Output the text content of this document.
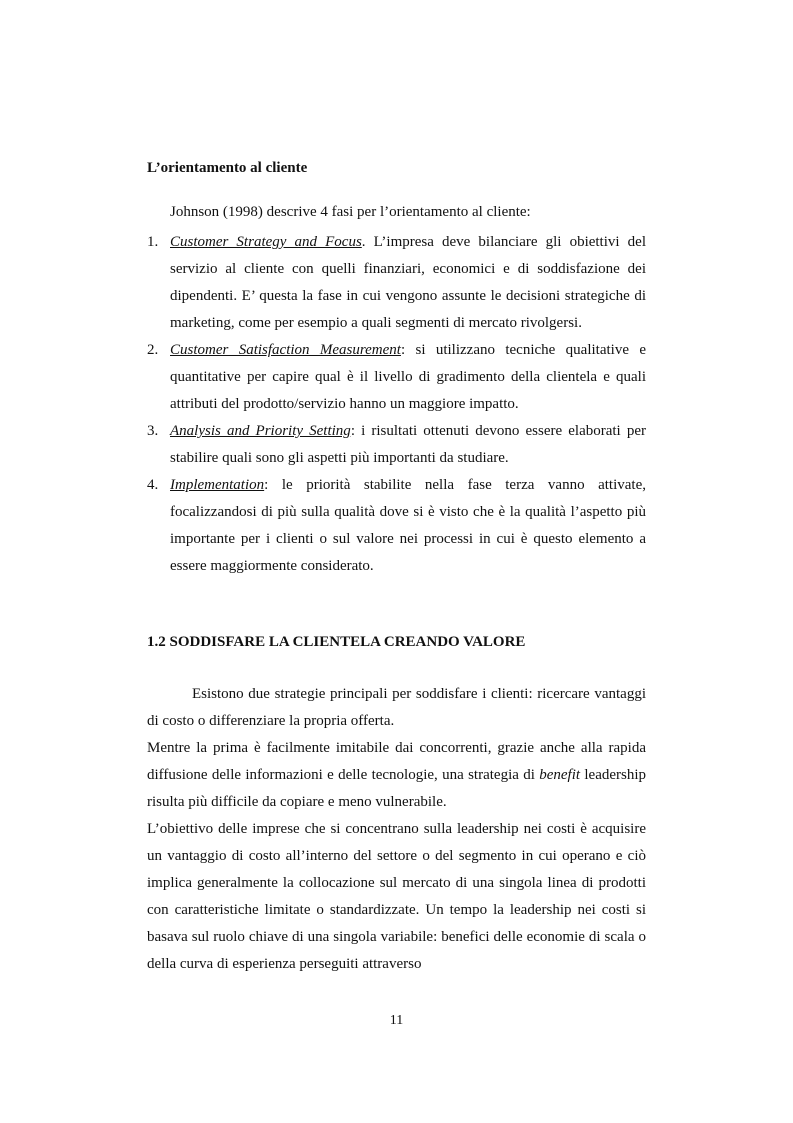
L’orientamento al cliente
Johnson (1998) descrive 4 fasi per l’orientamento al cliente:
1. Customer Strategy and Focus. L’impresa deve bilanciare gli obiettivi del servizio al cliente con quelli finanziari, economici e di soddisfazione dei dipendenti. E’ questa la fase in cui vengono assunte le decisioni strategiche di marketing, come per esempio a quali segmenti di mercato rivolgersi.
2. Customer Satisfaction Measurement: si utilizzano tecniche qualitative e quantitative per capire qual è il livello di gradimento della clientela e quali attributi del prodotto/servizio hanno un maggiore impatto.
3. Analysis and Priority Setting: i risultati ottenuti devono essere elaborati per stabilire quali sono gli aspetti più importanti da studiare.
4. Implementation: le priorità stabilite nella fase terza vanno attivate, focalizzandosi di più sulla qualità dove si è visto che è la qualità l’aspetto più importante per i clienti o sul valore nei processi in cui è questo elemento a essere maggiormente considerato.
1.2 SODDISFARE LA CLIENTELA CREANDO VALORE

Esistono due strategie principali per soddisfare i clienti: ricercare vantaggi di costo o differenziare la propria offerta.

Mentre la prima è facilmente imitabile dai concorrenti, grazie anche alla rapida diffusione delle informazioni e delle tecnologie, una strategia di benefit leadership risulta più difficile da copiare e meno vulnerabile.

L’obiettivo delle imprese che si concentrano sulla leadership nei costi è acquisire un vantaggio di costo all’interno del settore o del segmento in cui operano e ciò implica generalmente la collocazione sul mercato di una singola linea di prodotti con caratteristiche limitate o standardizzate. Un tempo la leadership nei costi si basava sul ruolo chiave di una singola variabile: benefici delle economie di scala o della curva di esperienza perseguiti attraverso

11
